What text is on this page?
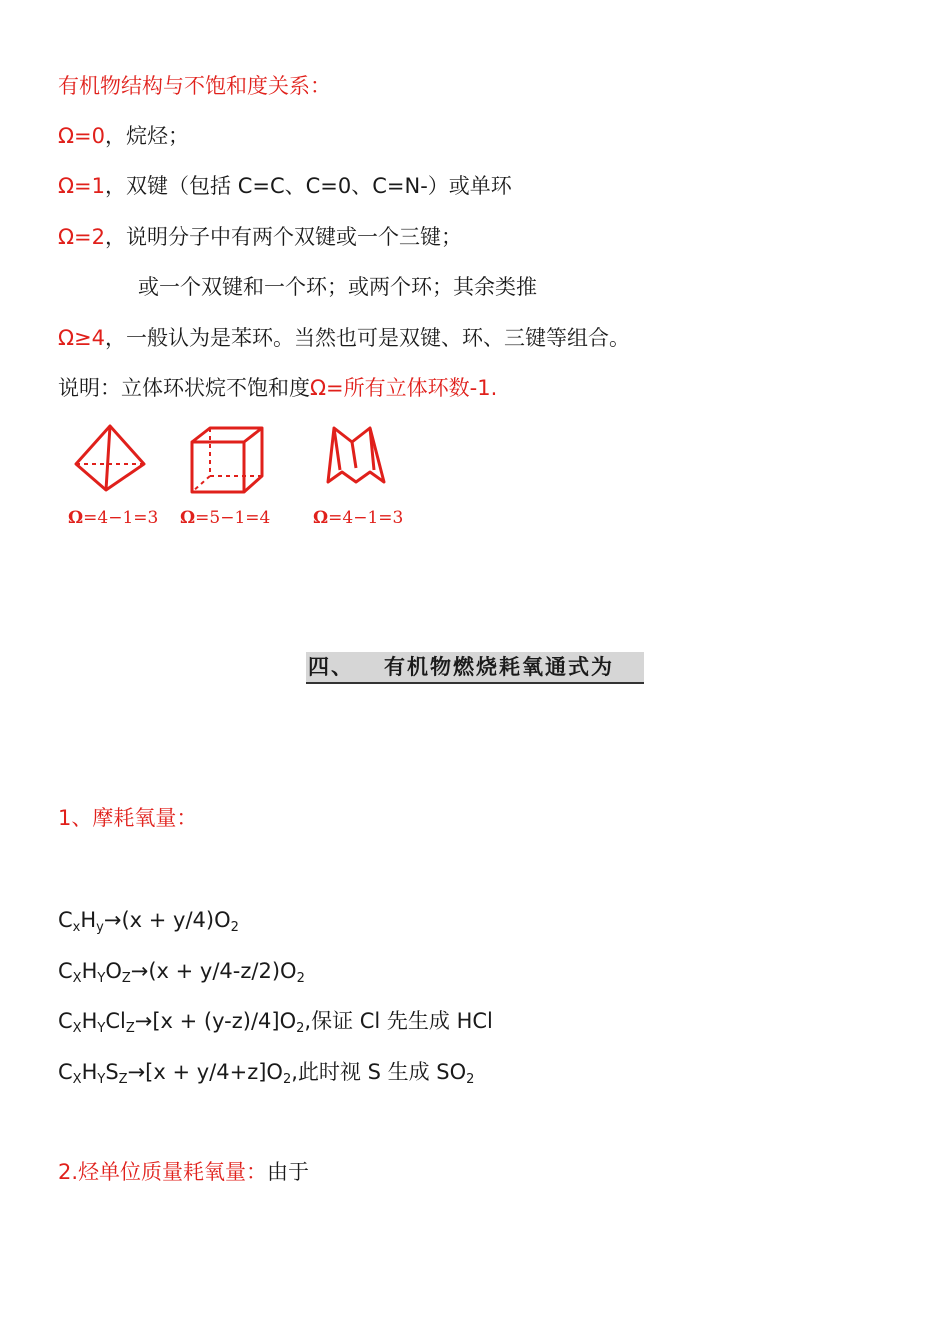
有机物结构与不饱和度关系：
Ω=0，烷烃；
Ω=1，双键（包括 C=C、C=0、C=N-）或单环
Ω=2，说明分子中有两个双键或一个三键；
或一个双键和一个环；或两个环；其余类推
Ω≥4，一般认为是苯环。当然也可是双键、环、三键等组合。
说明：立体环状烷不饱和度Ω=所有立体环数-1.
Ω=4−1=3 Ω=5−1=4	Ω=4−1=3
四、 有机物燃烧耗氧通式为
1、摩耗氧量：
$C_xH_y\to(x + y/4)O_2$
$C_XH_YO_Z\to(x + y/4-z/2)O_2$
$C_XH_YCl_Z\to[x + (y-z)/4]O_2$,保证 Cl 先生成 HCl
$C_XH_YS_Z\to[x + y/4+z]O_2$,此时视 S 生成 $SO_2$
2.烃单位质量耗氧量：由于
